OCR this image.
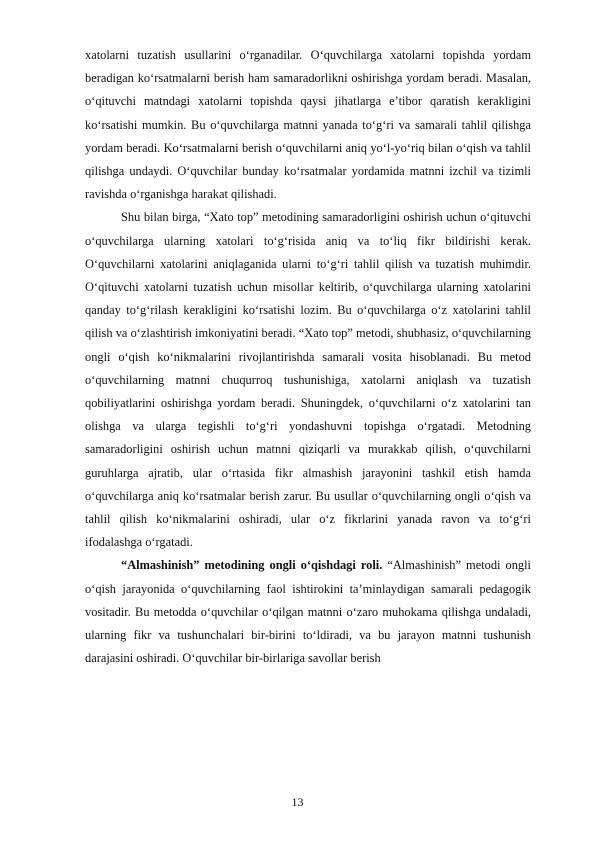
xatolarni tuzatish usullarini o‘rganadilar. O‘quvchilarga xatolarni topishda yordam beradigan ko‘rsatmalarni berish ham samaradorlikni oshirishga yordam beradi. Masalan, o‘qituvchi matndagi xatolarni topishda qaysi jihatlarga e’tibor qaratish kerakligini ko‘rsatishi mumkin. Bu o‘quvchilarga matnni yanada to‘g‘ri va samarali tahlil qilishga yordam beradi. Ko‘rsatmalarni berish o‘quvchilarni aniq yo‘l-yo‘riq bilan o‘qish va tahlil qilishga undaydi. O‘quvchilar bunday ko‘rsatmalar yordamida matnni izchil va tizimli ravishda o‘rganishga harakat qilishadi.

Shu bilan birga, “Xato top” metodining samaradorligini oshirish uchun o‘qituvchi o‘quvchilarga ularning xatolari to‘g‘risida aniq va to‘liq fikr bildirishi kerak. O‘quvchilarni xatolarini aniqlaganida ularni to‘g‘ri tahlil qilish va tuzatish muhimdir. O‘qituvchi xatolarni tuzatish uchun misollar keltirib, o‘quvchilarga ularning xatolarini qanday to‘g‘rilash kerakligini ko‘rsatishi lozim. Bu o‘quvchilarga o‘z xatolarini tahlil qilish va o‘zlashtirish imkoniyatini beradi. “Xato top” metodi, shubhasiz, o‘quvchilarning ongli o‘qish ko‘nikmalarini rivojlantirishda samarali vosita hisoblanadi. Bu metod o‘quvchilarning matnni chuqurroq tushunishiga, xatolarni aniqlash va tuzatish qobiliyatlarini oshirishga yordam beradi. Shuningdek, o‘quvchilarni o‘z xatolarini tan olishga va ularga tegishli to‘g‘ri yondashuvni topishga o‘rgatadi. Metodning samaradorligini oshirish uchun matnni qiziqarli va murakkab qilish, o‘quvchilarni guruhlarga ajratib, ular o‘rtasida fikr almashish jarayonini tashkil etish hamda o‘quvchilarga aniq ko‘rsatmalar berish zarur. Bu usullar o‘quvchilarning ongli o‘qish va tahlil qilish ko‘nikmalarini oshiradi, ular o‘z fikrlarini yanada ravon va to‘g‘ri ifodalashga o‘rgatadi.

“Almashinish” metodining ongli o‘qishdagi roli. “Almashinish” metodi ongli o‘qish jarayonida o‘quvchilarning faol ishtirokini ta’minlaydigan samarali pedagogik vositadir. Bu metodda o‘quvchilar o‘qilgan matnni o‘zaro muhokama qilishga undaladi, ularning fikr va tushunchalari bir-birini to‘ldiradi, va bu jarayon matnni tushunish darajasini oshiradi. O‘quvchilar bir-birlariga savollar berish

13
